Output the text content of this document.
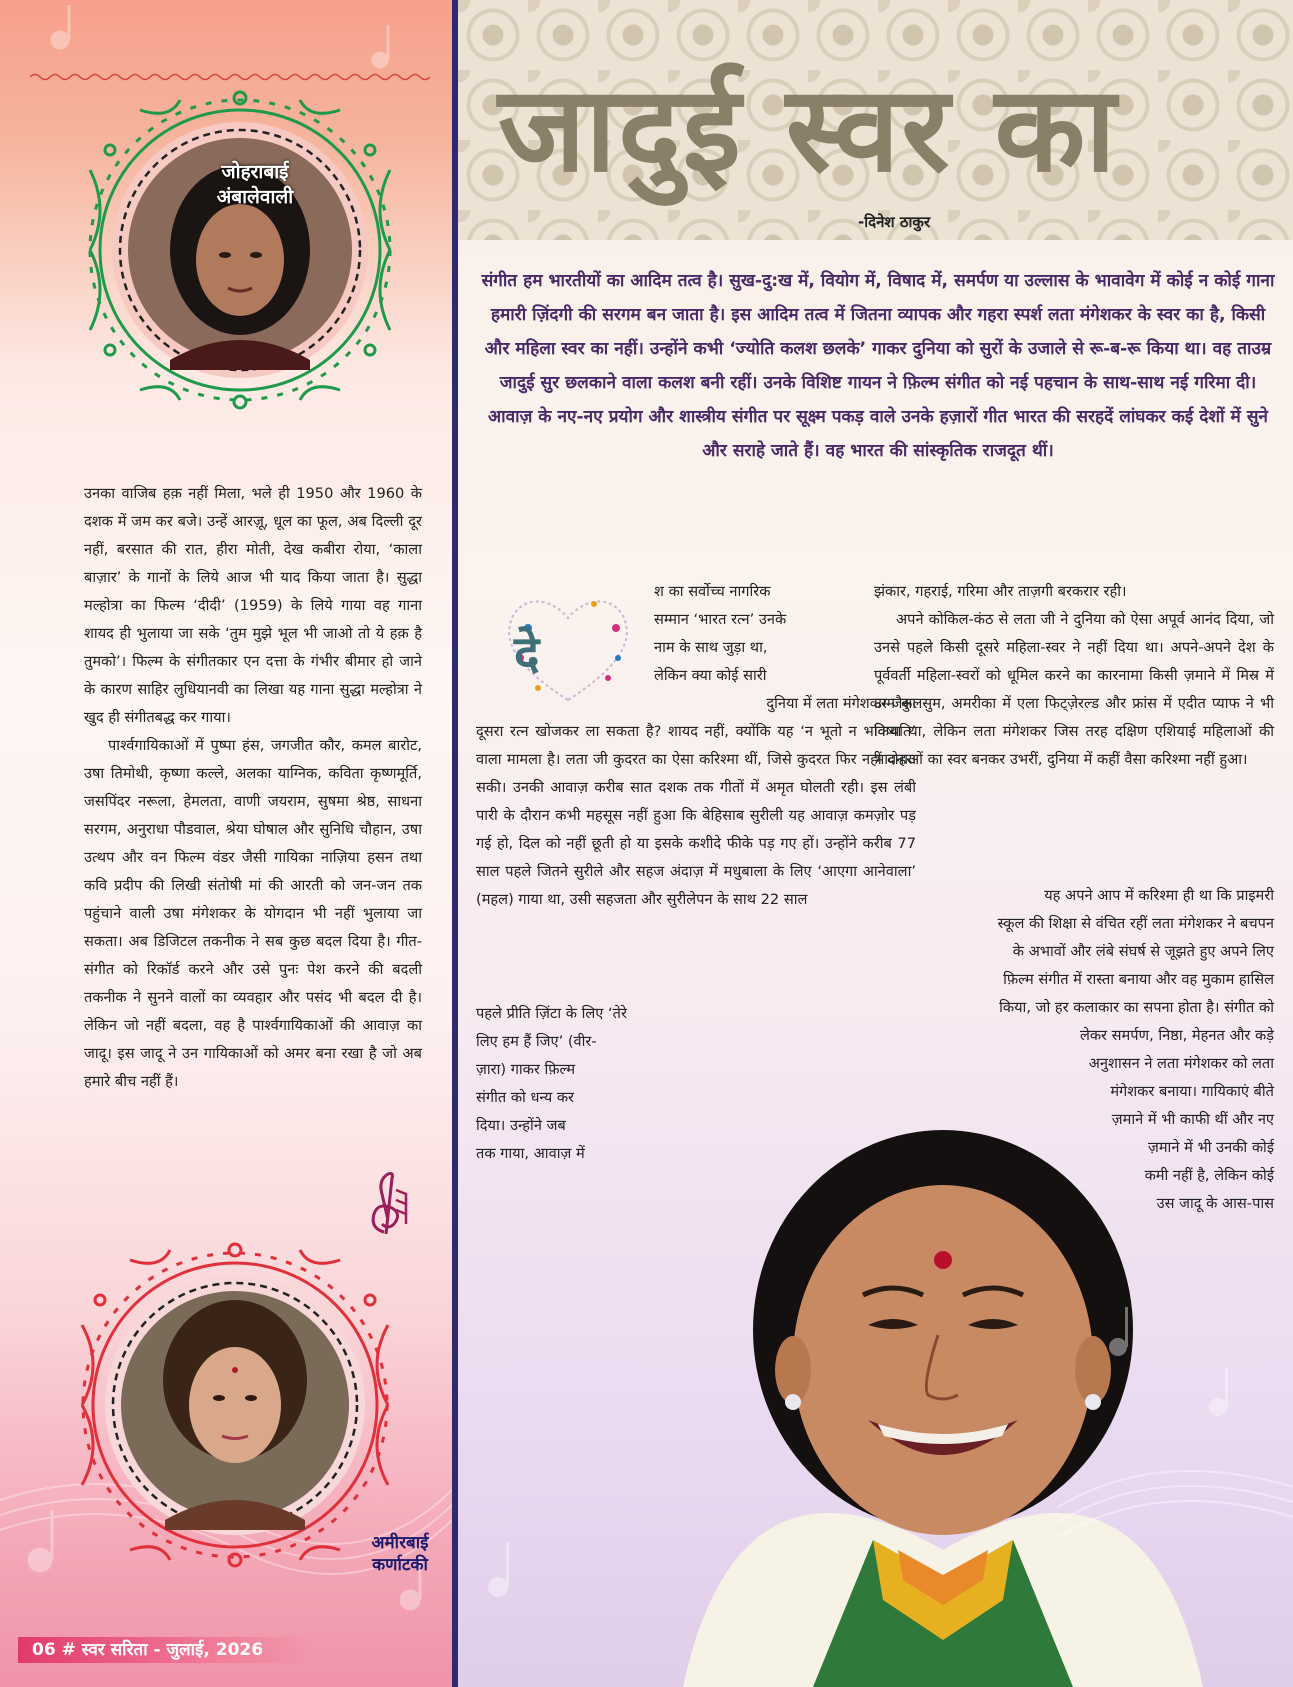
जोहराबाई
अंबालेवाली

उनका वाजिब हक़ नहीं मिला, भले ही 1950 और 1960 के दशक में जम कर बजे। उन्हें आरज़ू, धूल का फूल, अब दिल्ली दूर नहीं, बरसात की रात, हीरा मोती, देख कबीरा रोया, ‘काला बाज़ार’ के गानों के लिये आज भी याद किया जाता है। सुद्धा मल्होत्रा का फिल्म ‘दीदी’ (1959) के लिये गाया वह गाना शायद ही भुलाया जा सके ‘तुम मुझे भूल भी जाओ तो ये हक़ है तुमको’। फिल्म के संगीतकार एन दत्ता के गंभीर बीमार हो जाने के कारण साहिर लुधियानवी का लिखा यह गाना सुद्धा मल्होत्रा ने खुद ही संगीतबद्ध कर गाया।

पार्श्वगायिकाओं में पुष्पा हंस, जगजीत कौर, कमल बारोट, उषा तिमोथी, कृष्णा कल्ले, अलका याग्निक, कविता कृष्णमूर्ति, जसपिंदर नरूला, हेमलता, वाणी जयराम, सुषमा श्रेष्ठ, साधना सरगम, अनुराधा पौडवाल, श्रेया घोषाल और सुनिधि चौहान, उषा उत्थप और वन फिल्म वंडर जैसी गायिका नाज़िया हसन तथा कवि प्रदीप की लिखी संतोषी मां की आरती को जन-जन तक पहुंचाने वाली उषा मंगेशकर के योगदान भी नहीं भुलाया जा सकता। अब डिजिटल तकनीक ने सब कुछ बदल दिया है। गीत-संगीत को रिकॉर्ड करने और उसे पुनः पेश करने की बदली तकनीक ने सुनने वालों का व्यवहार और पसंद भी बदल दी है। लेकिन जो नहीं बदला, वह है पार्श्वगायिकाओं की आवाज़ का जादू। इस जादू ने उन गायिकाओं को अमर बना रखा है जो अब हमारे बीच नहीं हैं।

अमीरबाई
कर्णाटकी
06 # स्वर सरिता - जुलाई, 2026
जादुई स्वर का
-दिनेश ठाकुर
संगीत हम भारतीयों का आदिम तत्व है। सुख-दु:ख में, वियोग में, विषाद में, समर्पण या उल्लास के भावावेग में कोई न कोई गाना हमारी ज़िंदगी की सरगम बन जाता है। इस आदिम तत्व में जितना व्यापक और गहरा स्पर्श लता मंगेशकर के स्वर का है, किसी और महिला स्वर का नहीं। उन्होंने कभी ‘ज्योति कलश छलके’ गाकर दुनिया को सुरों के उजाले से रू-ब-रू किया था। वह ताउम्र जादुई सुर छलकाने वाला कलश बनी रहीं। उनके विशिष्ट गायन ने फ़िल्म संगीत को नई पहचान के साथ-साथ नई गरिमा दी। आवाज़ के नए-नए प्रयोग और शास्त्रीय संगीत पर सूक्ष्म पकड़ वाले उनके हज़ारों गीत भारत की सरहदें लांघकर कई देशों में सुने और सराहे जाते हैं। वह भारत की सांस्कृतिक राजदूत थीं।
दे
श का सर्वोच्च नागरिक
सम्मान ‘भारत रत्न’ उनके
नाम के साथ जुड़ा था,
लेकिन क्या कोई सारी
दुनिया में लता मंगेशकर जैसा
दूसरा रत्न खोजकर ला सकता है? शायद नहीं, क्योंकि यह ‘न भूतो न भविष्यति’ वाला मामला है। लता जी कुदरत का ऐसा करिश्मा थीं, जिसे कुदरत फिर नहीं दोहरा सकी। उनकी आवाज़ करीब सात दशक तक गीतों में अमृत घोलती रही। इस लंबी पारी के दौरान कभी महसूस नहीं हुआ कि बेहिसाब सुरीली यह आवाज़ कमज़ोर पड़ गई हो, दिल को नहीं छूती हो या इसके कशीदे फीके पड़ गए हों। उन्होंने करीब 77 साल पहले जितने सुरीले और सहज अंदाज़ में मधुबाला के लिए ‘आएगा आनेवाला’ (महल) गाया था, उसी सहजता और सुरीलेपन के साथ 22 साल
पहले प्रीति ज़िंटा के लिए ‘तेरे
लिए हम हैं जिए’ (वीर-
ज़ारा) गाकर फ़िल्म
संगीत को धन्य कर
दिया। उन्होंने जब
तक गाया, आवाज़ में

झंकार, गहराई, गरिमा और ताज़गी बरकरार रही।

अपने कोकिल-कंठ से लता जी ने दुनिया को ऐसा अपूर्व आनंद दिया, जो उनसे पहले किसी दूसरे महिला-स्वर ने नहीं दिया था। अपने-अपने देश के पूर्ववर्ती महिला-स्वरों को धूमिल करने का कारनामा किसी ज़माने में मिस्र में उम्म कुलसुम, अमरीका में एला फिट्ज़ेरल्ड और फ्रांस में एदीत प्याफ ने भी किया था, लेकिन लता मंगेशकर जिस तरह दक्षिण एशियाई महिलाओं की भावनाओं का स्वर बनकर उभरीं, दुनिया में कहीं वैसा करिश्मा नहीं हुआ।

यह अपने आप में करिश्मा ही था कि प्राइमरी
स्कूल की शिक्षा से वंचित रहीं लता मंगेशकर ने बचपन
के अभावों और लंबे संघर्ष से जूझते हुए अपने लिए
फ़िल्म संगीत में रास्ता बनाया और वह मुकाम हासिल
किया, जो हर कलाकार का सपना होता है। संगीत को
लेकर समर्पण, निष्ठा, मेहनत और कड़े
अनुशासन ने लता मंगेशकर को लता
मंगेशकर बनाया। गायिकाएं बीते
ज़माने में भी काफी थीं और नए
ज़माने में भी उनकी कोई
कमी नहीं है, लेकिन कोई
उस जादू के आस-पास
